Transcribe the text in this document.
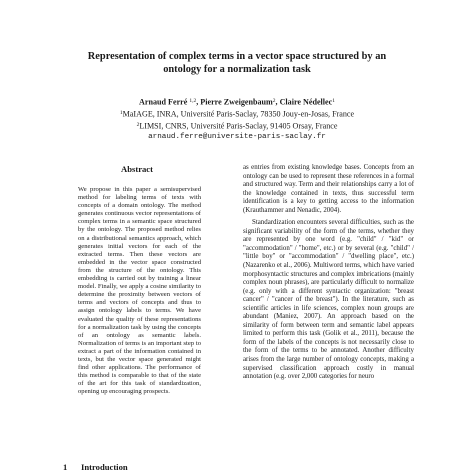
Representation of complex terms in a vector space structured by an
ontology for a normalization task
Arnaud Ferré $^{1,2}$, Pierre Zweigenbaum$^2$, Claire Nédellec$^1$
$^1$MaIAGE, INRA, Université Paris-Saclay, 78350 Jouy-en-Josas, France
$^2$LIMSI, CNRS, Université Paris-Saclay, 91405 Orsay, France
arnaud.ferre@universite-paris-saclay.fr
Abstract

We propose in this paper a semisupervised method for labeling terms of texts with concepts of a domain ontology. The method generates continuous vector representations of complex terms in a semantic space structured by the ontology. The proposed method relies on a distributional semantics approach, which generates initial vectors for each of the extracted terms. Then these vectors are embedded in the vector space constructed from the structure of the ontology. This embedding is carried out by training a linear model. Finally, we apply a cosine similarity to determine the proximity between vectors of terms and vectors of concepts and thus to assign ontology labels to terms. We have evaluated the quality of these representations for a normalization task by using the concepts of an ontology as semantic labels. Normalization of terms is an important step to extract a part of the information contained in texts, but the vector space generated might find other applications. The performance of this method is comparable to that of the state of the art for this task of standardization, opening up encouraging prospects.

as entries from existing knowledge bases. Concepts from an ontology can be used to represent these references in a formal and structured way. Term and their relationships carry a lot of the knowledge contained in texts, thus successful term identification is a key to getting access to the information (Krauthammer and Nenadic, 2004).

Standardization encounters several difficulties, such as the significant variability of the form of the terms, whether they are represented by one word (e.g. "child" / "kid" or "accommodation" / "home", etc.) or by several (e.g. "child" / "little boy" or "accommodation" / "dwelling place", etc.) (Nazarenko et al., 2006). Multiword terms, which have varied morphosyntactic structures and complex imbrications (mainly complex noun phrases), are particularly difficult to normalize (e.g. only with a different syntactic organization: "breast cancer" / "cancer of the breast"). In the literature, such as scientific articles in life sciences, complex noun groups are abundant (Maniez, 2007). An approach based on the similarity of form between term and semantic label appears limited to perform this task (Golik et al., 2011), because the form of the labels of the concepts is not necessarily close to the form of the terms to be annotated. Another difficulty arises from the large number of ontology concepts, making a supervised classification approach costly in manual annotation (e.g. over 2,000 categories for neuro

1 Introduction
